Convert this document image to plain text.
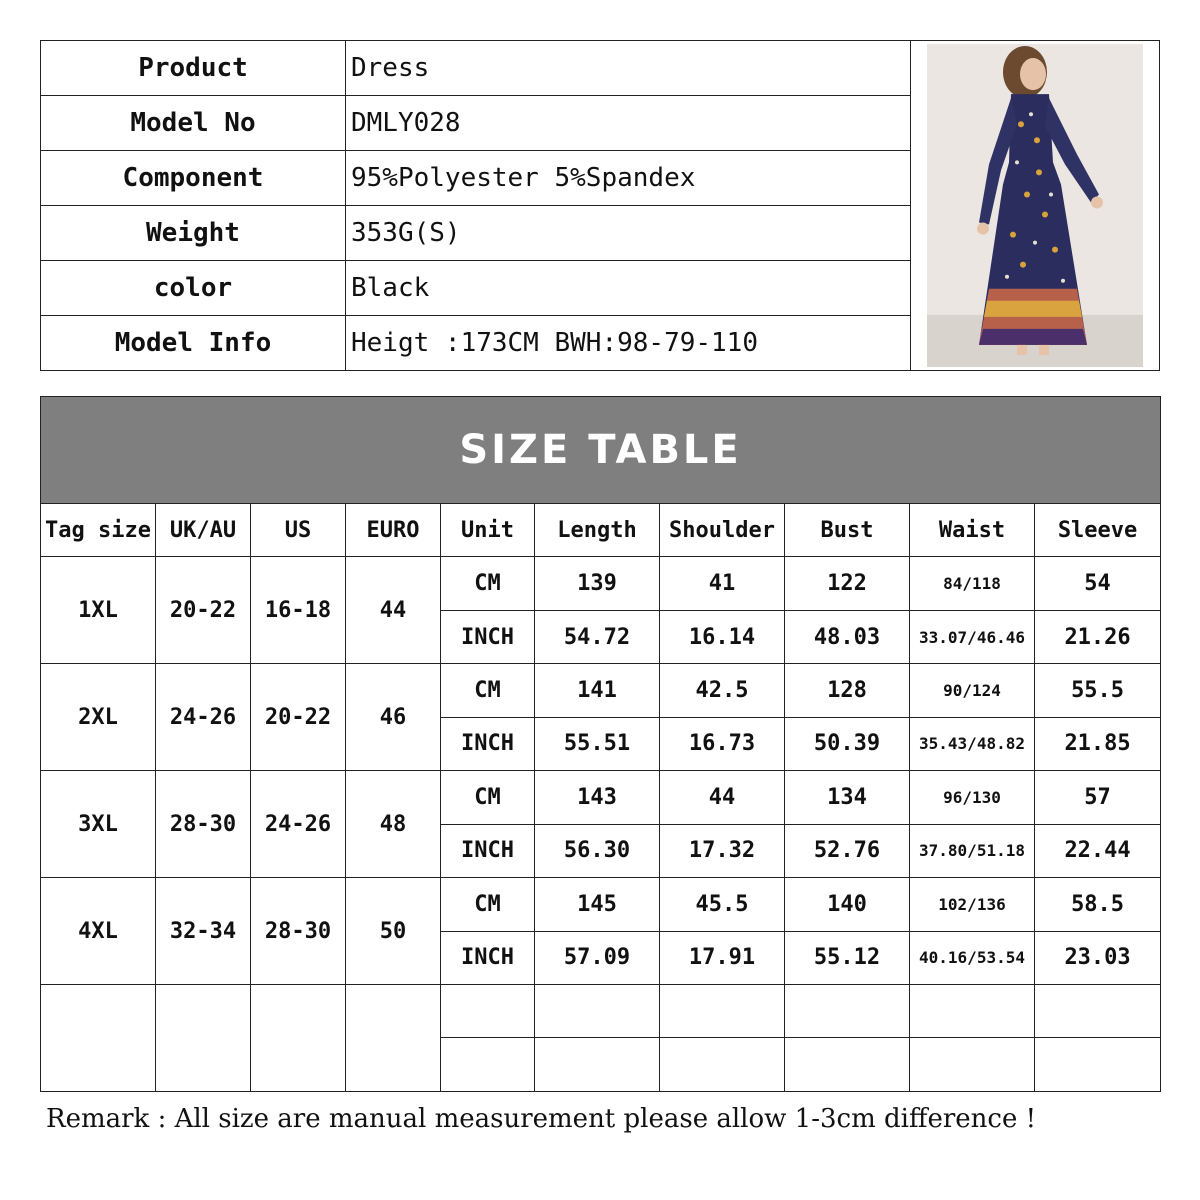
Product	Dress	

Model No	DMLY028	
Component	95%Polyester 5%Spandex	
Weight	353G(S)	
color	Black	
Model Info	Heigt :173CM BWH:98-79-110	
SIZE TABLE									
Tag size	UK/AU	US	EURO	Unit	Length	Shoulder	Bust	Waist	Sleeve
1XL	20-22	16-18	44	CM	139	41	122	84/118	54
				INCH	54.72	16.14	48.03	33.07/46.46	21.26
2XL	24-26	20-22	46	CM	141	42.5	128	90/124	55.5
				INCH	55.51	16.73	50.39	35.43/48.82	21.85
3XL	28-30	24-26	48	CM	143	44	134	96/130	57
				INCH	56.30	17.32	52.76	37.80/51.18	22.44
4XL	32-34	28-30	50	CM	145	45.5	140	102/136	58.5
				INCH	57.09	17.91	55.12	40.16/53.54	23.03

Remark : All size are manual measurement please allow 1-3cm difference !
